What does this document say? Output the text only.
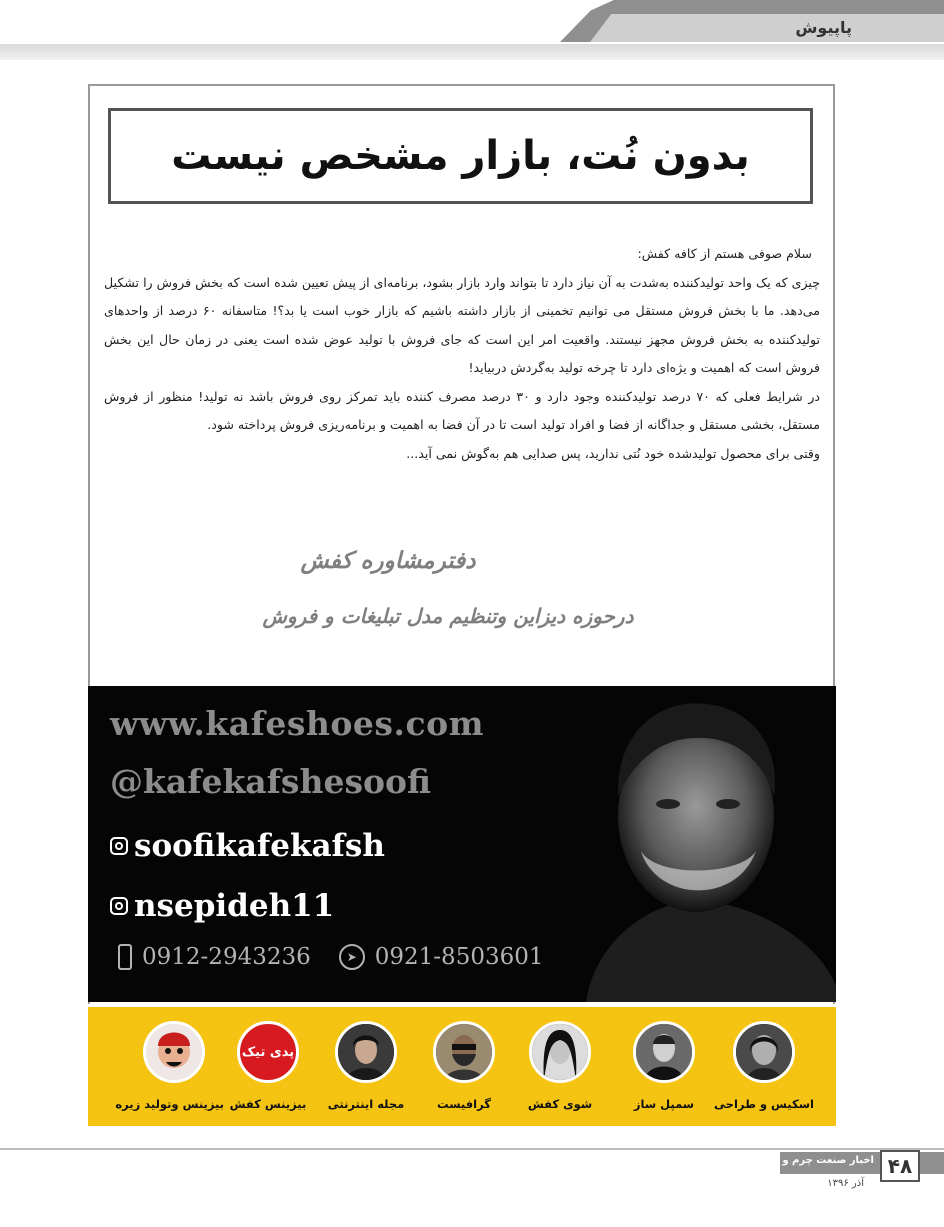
پاپیوش
بدون نُت، بازار مشخص نیست

سلام صوفی هستم از کافه کفش:

چیزی که یک واحد تولیدکننده به‌شدت به آن نیاز دارد تا بتواند وارد بازار بشود، برنامه‌ای از پیش تعیین شده است که بخش فروش را تشکیل می‌دهد. ما با بخش فروش مستقل می توانیم تخمینی از بازار داشته باشیم که بازار خوب است یا بد؟! متاسفانه ۶۰ درصد از واحدهای تولیدکننده به بخش فروش مجهز نیستند. واقعیت امر این است که جای فروش با تولید عوض شده است یعنی در زمان حال این بخش فروش است که اهمیت و یژه‌ای دارد تا چرخه تولید به‌گردش دربیاید!

در شرایط فعلی که ۷۰ درصد تولیدکننده وجود دارد و ۳۰ درصد مصرف کننده باید تمرکز روی فروش باشد نه تولید! منظور از فروش مستقل، بخشی مستقل و جداگانه از فضا و افراد تولید است تا در آن فضا به اهمیت و برنامه‌ریزی فروش پرداخته شود.

وقتی برای محصول تولیدشده خود نُتی ندارید، پس صدایی هم به‌گوش نمی آید...

دفترمشاوره کفش
درحوزه دیزاین وتنظیم مدل تبلیغات و فروش
www.kafeshoes.com
@kafekafshesoofi
soofikafekafsh
nsepideh11
0912-2943236	➤ 0921-8503601
اسکیس و طراحی
سمپل ساز
شوی کفش
گرافیست
مجله اینترنتی
پدی تیک
بیزینس کفش
بیزینس وتولید زیره
۴۸
اخبار صنعت چرم و کفش
آذر ۱۳۹۶
